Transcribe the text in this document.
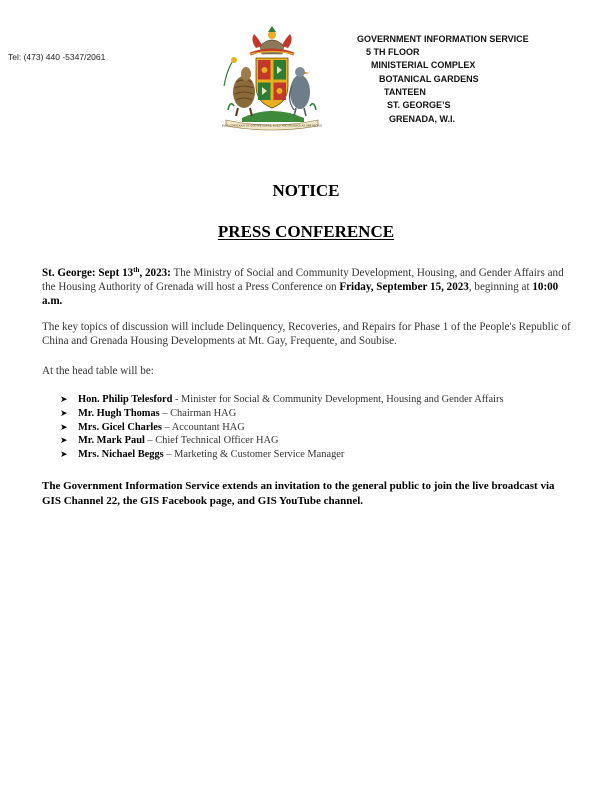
Tel: (473) 440 -5347/2061
EVER CONSCIOUS OF GOD WE ASPIRE, BUILD AND ADVANCE AS ONE PEOPLE
GOVERNMENT INFORMATION SERVICE
5 TH FLOOR
MINISTERIAL COMPLEX
BOTANICAL GARDENS
TANTEEN
ST. GEORGE’S
GRENADA, W.I.
NOTICE
PRESS CONFERENCE
St. George: Sept 13th, 2023: The Ministry of Social and Community Development, Housing, and Gender Affairs and the Housing Authority of Grenada will host a Press Conference on Friday, September 15, 2023, beginning at 10:00 a.m.
The key topics of discussion will include Delinquency, Recoveries, and Repairs for Phase 1 of the People's Republic of China and Grenada Housing Developments at Mt. Gay, Frequente, and Soubise.
At the head table will be:
➤ Hon. Philip Telesford - Minister for Social & Community Development, Housing and Gender Affairs
➤ Mr. Hugh Thomas – Chairman HAG
➤ Mrs. Gicel Charles – Accountant HAG
➤ Mr. Mark Paul – Chief Technical Officer HAG
➤ Mrs. Nichael Beggs – Marketing & Customer Service Manager
The Government Information Service extends an invitation to the general public to join the live broadcast via GIS Channel 22, the GIS Facebook page, and GIS YouTube channel.
